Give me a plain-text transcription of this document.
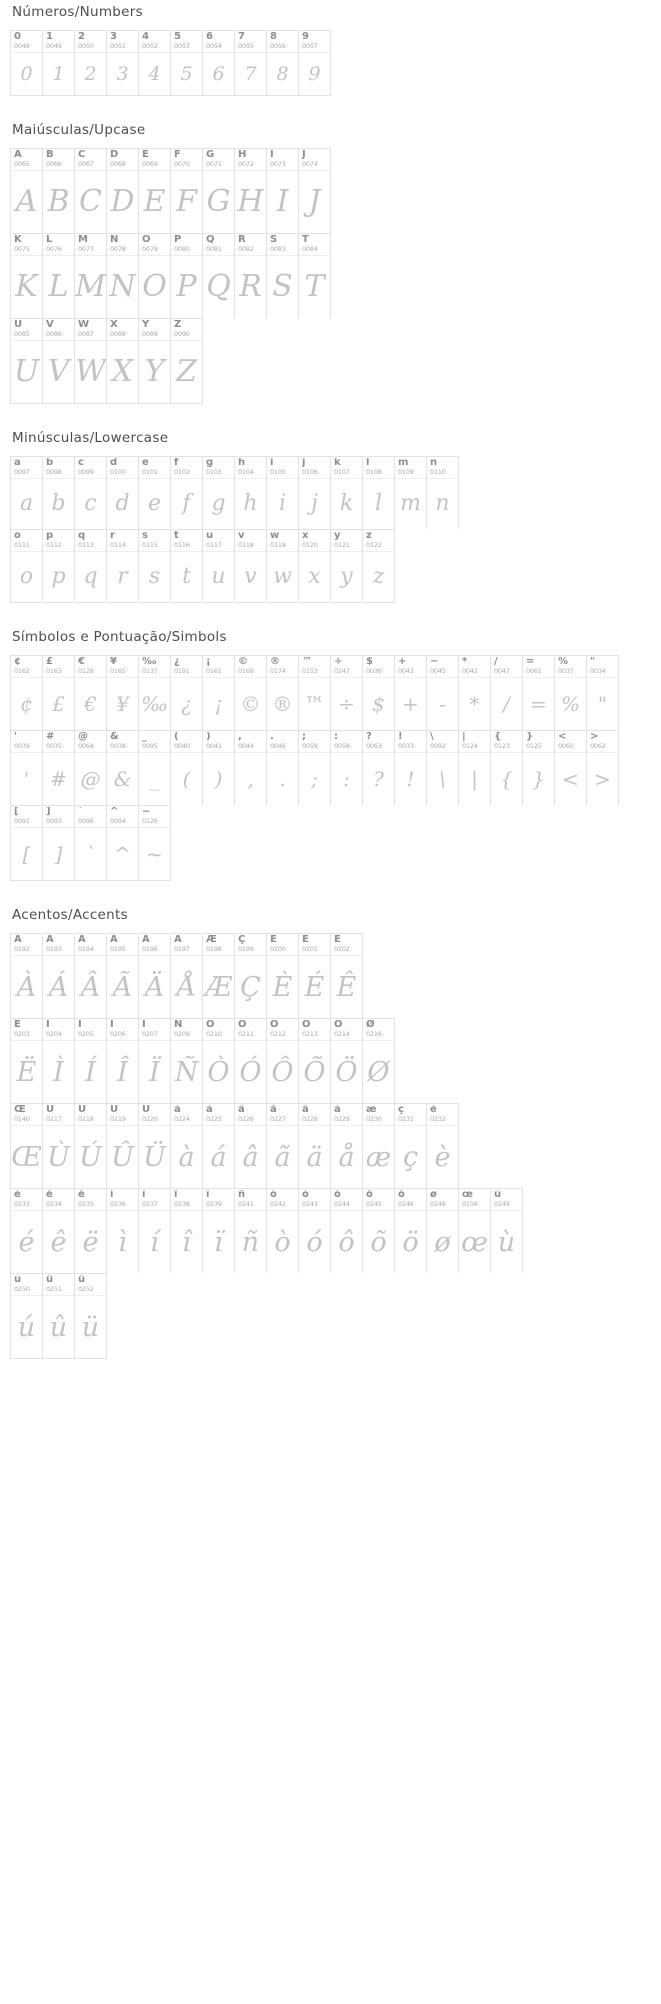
Números/Numbers
0
0048
0
1
0049
1
2
0050
2
3
0051
3
4
0052
4
5
0053
5
6
0054
6
7
0055
7
8
0056
8
9
0057
9
Maiúsculas/Upcase
A
0065
A
B
0066
B
C
0067
C
D
0068
D
E
0069
E
F
0070
F
G
0071
G
H
0072
H
I
0073
I
J
0074
J
K
0075
K
L
0076
L
M
0077
M
N
0078
N
O
0079
O
P
0080
P
Q
0081
Q
R
0082
R
S
0083
S
T
0084
T
U
0085
U
V
0086
V
W
0087
W
X
0088
X
Y
0089
Y
Z
0090
Z
Minúsculas/Lowercase
a
0097
a
b
0098
b
c
0099
c
d
0100
d
e
0101
e
f
0102
f
g
0103
g
h
0104
h
i
0105
i
j
0106
j
k
0107
k
l
0108
l
m
0109
m
n
0110
n
o
0111
o
p
0112
p
q
0113
q
r
0114
r
s
0115
s
t
0116
t
u
0117
u
v
0118
v
w
0119
w
x
0120
x
y
0121
y
z
0122
z
Símbolos e Pontuação/Simbols
¢
0162
¢
£
0163
£
€
0128
€
¥
0165
¥
‰
0137
‰
¿
0191
¿
¡
0161
¡
©
0169
©
®
0174
®
™
0153
™
÷
0247
÷
$
0036
$
+
0043
+
−
0045
-
*
0042
*
/
0047
/
=
0061
=
%
0037
%
"
0034
"
'
0039
'
#
0035
#
@
0064
@
&
0038
&
_
0095
_
(
0040
(
)
0041
)
,
0044
,
.
0046
.
;
0059
;
:
0058
:
?
0063
?
!
0033
!
\
0092
\
|
0124
|
{
0123
{
}
0125
}
<
0060
<
>
0062
>
[
0091
[
]
0093
]
`
0096
`
^
0094
^
~
0126
~
Acentos/Accents
Â
0192
À
Á
0193
Á
Â
0194
Â
Ã
0195
Ã
Ä
0196
Ä
Å
0197
Å
Æ
0198
Æ
Ç
0199
Ç
È
0200
È
É
0201
É
Ê
0202
Ê
Ë
0203
Ë
Ì
0204
Ì
Í
0205
Í
Î
0206
Î
Ï
0207
Ï
Ñ
0209
Ñ
Ò
0210
Ò
Ó
0211
Ó
Ô
0212
Ô
Õ
0213
Õ
Ö
0214
Ö
Ø
0216
Ø
Œ
0140
Œ
Ù
0217
Ù
Ú
0218
Ú
Û
0219
Û
Ü
0220
Ü
à
0224
à
á
0225
á
â
0226
â
ã
0227
ã
ä
0228
ä
å
0229
å
æ
0230
æ
ç
0231
ç
è
0232
è
é
0233
é
ê
0234
ê
ë
0235
ë
ì
0236
ì
í
0237
í
î
0238
î
ï
0239
ï
ñ
0241
ñ
ò
0242
ò
ó
0243
ó
ô
0244
ô
õ
0245
õ
ö
0246
ö
ø
0248
ø
œ
0156
œ
ù
0249
ù
ú
0250
ú
û
0251
û
ü
0252
ü
